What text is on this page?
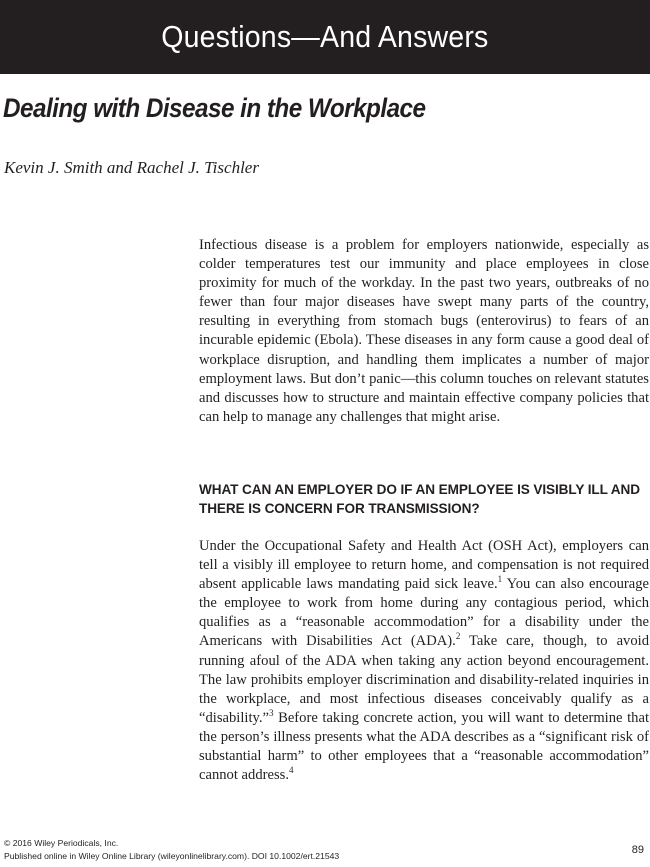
Questions—And Answers
Dealing with Disease in the Workplace
Kevin J. Smith and Rachel J. Tischler

Infectious disease is a problem for employers nationwide, especially as colder temperatures test our immunity and place employees in close proximity for much of the workday. In the past two years, outbreaks of no fewer than four major diseases have swept many parts of the country, resulting in everything from stomach bugs (enterovirus) to fears of an incurable epidemic (Ebola). These diseases in any form cause a good deal of workplace disruption, and handling them implicates a number of major employment laws. But don’t panic—this column touches on relevant statutes and discusses how to structure and maintain effective company policies that can help to manage any challenges that might arise.

WHAT CAN AN EMPLOYER DO IF AN EMPLOYEE IS VISIBLY ILL AND THERE IS CONCERN FOR TRANSMISSION?

Under the Occupational Safety and Health Act (OSH Act), employers can tell a visibly ill employee to return home, and compensation is not required absent applicable laws mandating paid sick leave.$^1$ You can also encourage the employee to work from home during any contagious period, which qualifies as a “reasonable accommodation” for a disability under the Americans with Disabilities Act (ADA).$^2$ Take care, though, to avoid running afoul of the ADA when taking any action beyond encouragement. The law prohibits employer discrimination and disability-related inquiries in the workplace, and most infectious diseases conceivably qualify as a “disability.”$^3$ Before taking concrete action, you will want to determine that the person’s illness presents what the ADA describes as a “significant risk of substantial harm” to other employees that a “reasonable accommodation” cannot address.$^4$

© 2016 Wiley Periodicals, Inc.
Published online in Wiley Online Library (wileyonlinelibrary.com). DOI 10.1002/ert.21543	89
